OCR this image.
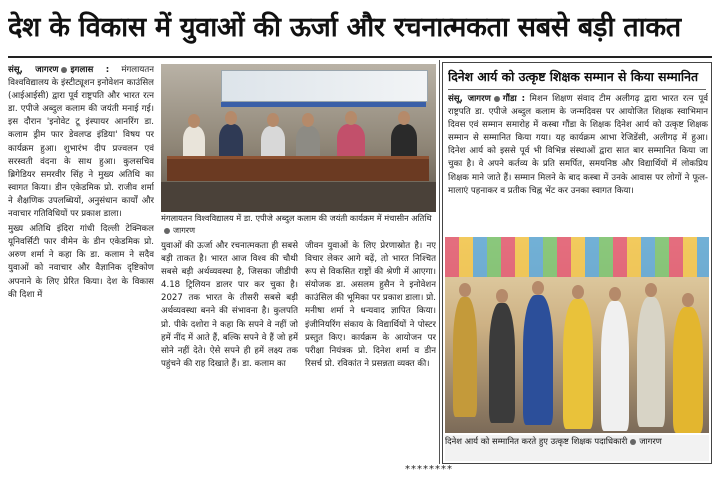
देश के विकास में युवाओं की ऊर्जा और रचनात्मकता सबसे बड़ी ताकत

संसू, जागरण इगलास : मंगलायतन विश्वविद्यालय के इंस्टीट्यूशन इनोवेशन काउंसिल (आईआईसी) द्वारा पूर्व राष्ट्रपति और भारत रत्न डा. एपीजे अब्दुल कलाम की जयंती मनाई गई। इस दौरान 'इनोवेट टू इंस्पायर आनरिंग डा. कलाम ड्रीम फार डेवलप्ड इंडिया' विषय पर कार्यक्रम हुआ। शुभारंभ दीप प्रज्वलन एवं सरस्वती वंदना के साथ हुआ। कुलसचिव ब्रिगेडियर समरवीर सिंह ने मुख्य अतिथि का स्वागत किया। डीन एकेडमिक प्रो. राजीव शर्मा ने शैक्षणिक उपलब्धियों, अनुसंधान कार्यों और नवाचार गतिविधियों पर प्रकाश डाला।

मुख्य अतिथि इंदिरा गांधी दिल्ली टेक्निकल यूनिवर्सिटी फार वीमेन के डीन एकेडमिक प्रो. अरुण शर्मा ने कहा कि डा. कलाम ने सदैव युवाओं को नवाचार और वैज्ञानिक दृष्टिकोण अपनाने के लिए प्रेरित किया। देश के विकास की दिशा में

मंगलायतन विश्वविद्यालय में डा. एपीजे अब्दुल कलाम की जयंती कार्यक्रम में मंचासीन अतिथिजागरण
युवाओं की ऊर्जा और रचनात्मकता ही सबसे बड़ी ताकत है। भारत आज विश्व की चौथी सबसे बड़ी अर्थव्यवस्था है, जिसका जीडीपी 4.18 ट्रिलियन डालर पार कर चुका है। 2027 तक भारत के तीसरी सबसे बड़ी अर्थव्यवस्था बनने की संभावना है। कुलपति प्रो. पीके दशोरा ने कहा कि सपने वे नहीं जो हमें नींद में आते हैं, बल्कि सपने वे हैं जो हमें सोने नहीं देते। ऐसे सपने ही हमें लक्ष्य तक पहुंचने की राह दिखाते हैं। डा. कलाम का
जीवन युवाओं के लिए प्रेरणास्रोत है। नए विचार लेकर आगे बढ़ें, तो भारत निश्चित रूप से विकसित राष्ट्रों की श्रेणी में आएगा। संयोजक डा. असलम हुसैन ने इनोवेशन काउंसिल की भूमिका पर प्रकाश डाला। प्रो. मनीषा शर्मा ने धन्यवाद ज्ञापित किया। इंजीनियरिंग संकाय के विद्यार्थियों ने पोस्टर प्रस्तुत किए। कार्यक्रम के आयोजन पर परीक्षा नियंत्रक प्रो. दिनेश शर्मा व डीन रिसर्च प्रो. रविकांत ने प्रसन्नता व्यक्त की।
दिनेश आर्य को उत्कृष्ट शिक्षक सम्मान से किया सम्मानित
संसू, जागरण गौंडा : मिशन शिक्षण संवाद टीम अलीगढ़ द्वारा भारत रत्न पूर्व राष्ट्रपति डा. एपीजे अब्दुल कलाम के जन्मदिवस पर आयोजित शिक्षक स्वाभिमान दिवस एवं सम्मान समारोह में कस्बा गौंडा के शिक्षक दिनेश आर्य को उत्कृष्ट शिक्षक सम्मान से सम्मानित किया गया। यह कार्यक्रम आभा रेजिडेंसी, अलीगढ़ में हुआ। दिनेश आर्य को इससे पूर्व भी विभिन्न संस्थाओं द्वारा सात बार सम्मानित किया जा चुका है। वे अपने कर्तव्य के प्रति समर्पित, समयनिष्ठ और विद्यार्थियों में लोकप्रिय शिक्षक माने जाते हैं। सम्मान मिलने के बाद कस्बा में उनके आवास पर लोगों ने फूल-मालाएं पहनाकर व प्रतीक चिह्न भेंट कर उनका स्वागत किया।
दिनेश आर्य को सम्मानित करते हुए उत्कृष्ट शिक्षक पदाधिकारी जागरण
********
